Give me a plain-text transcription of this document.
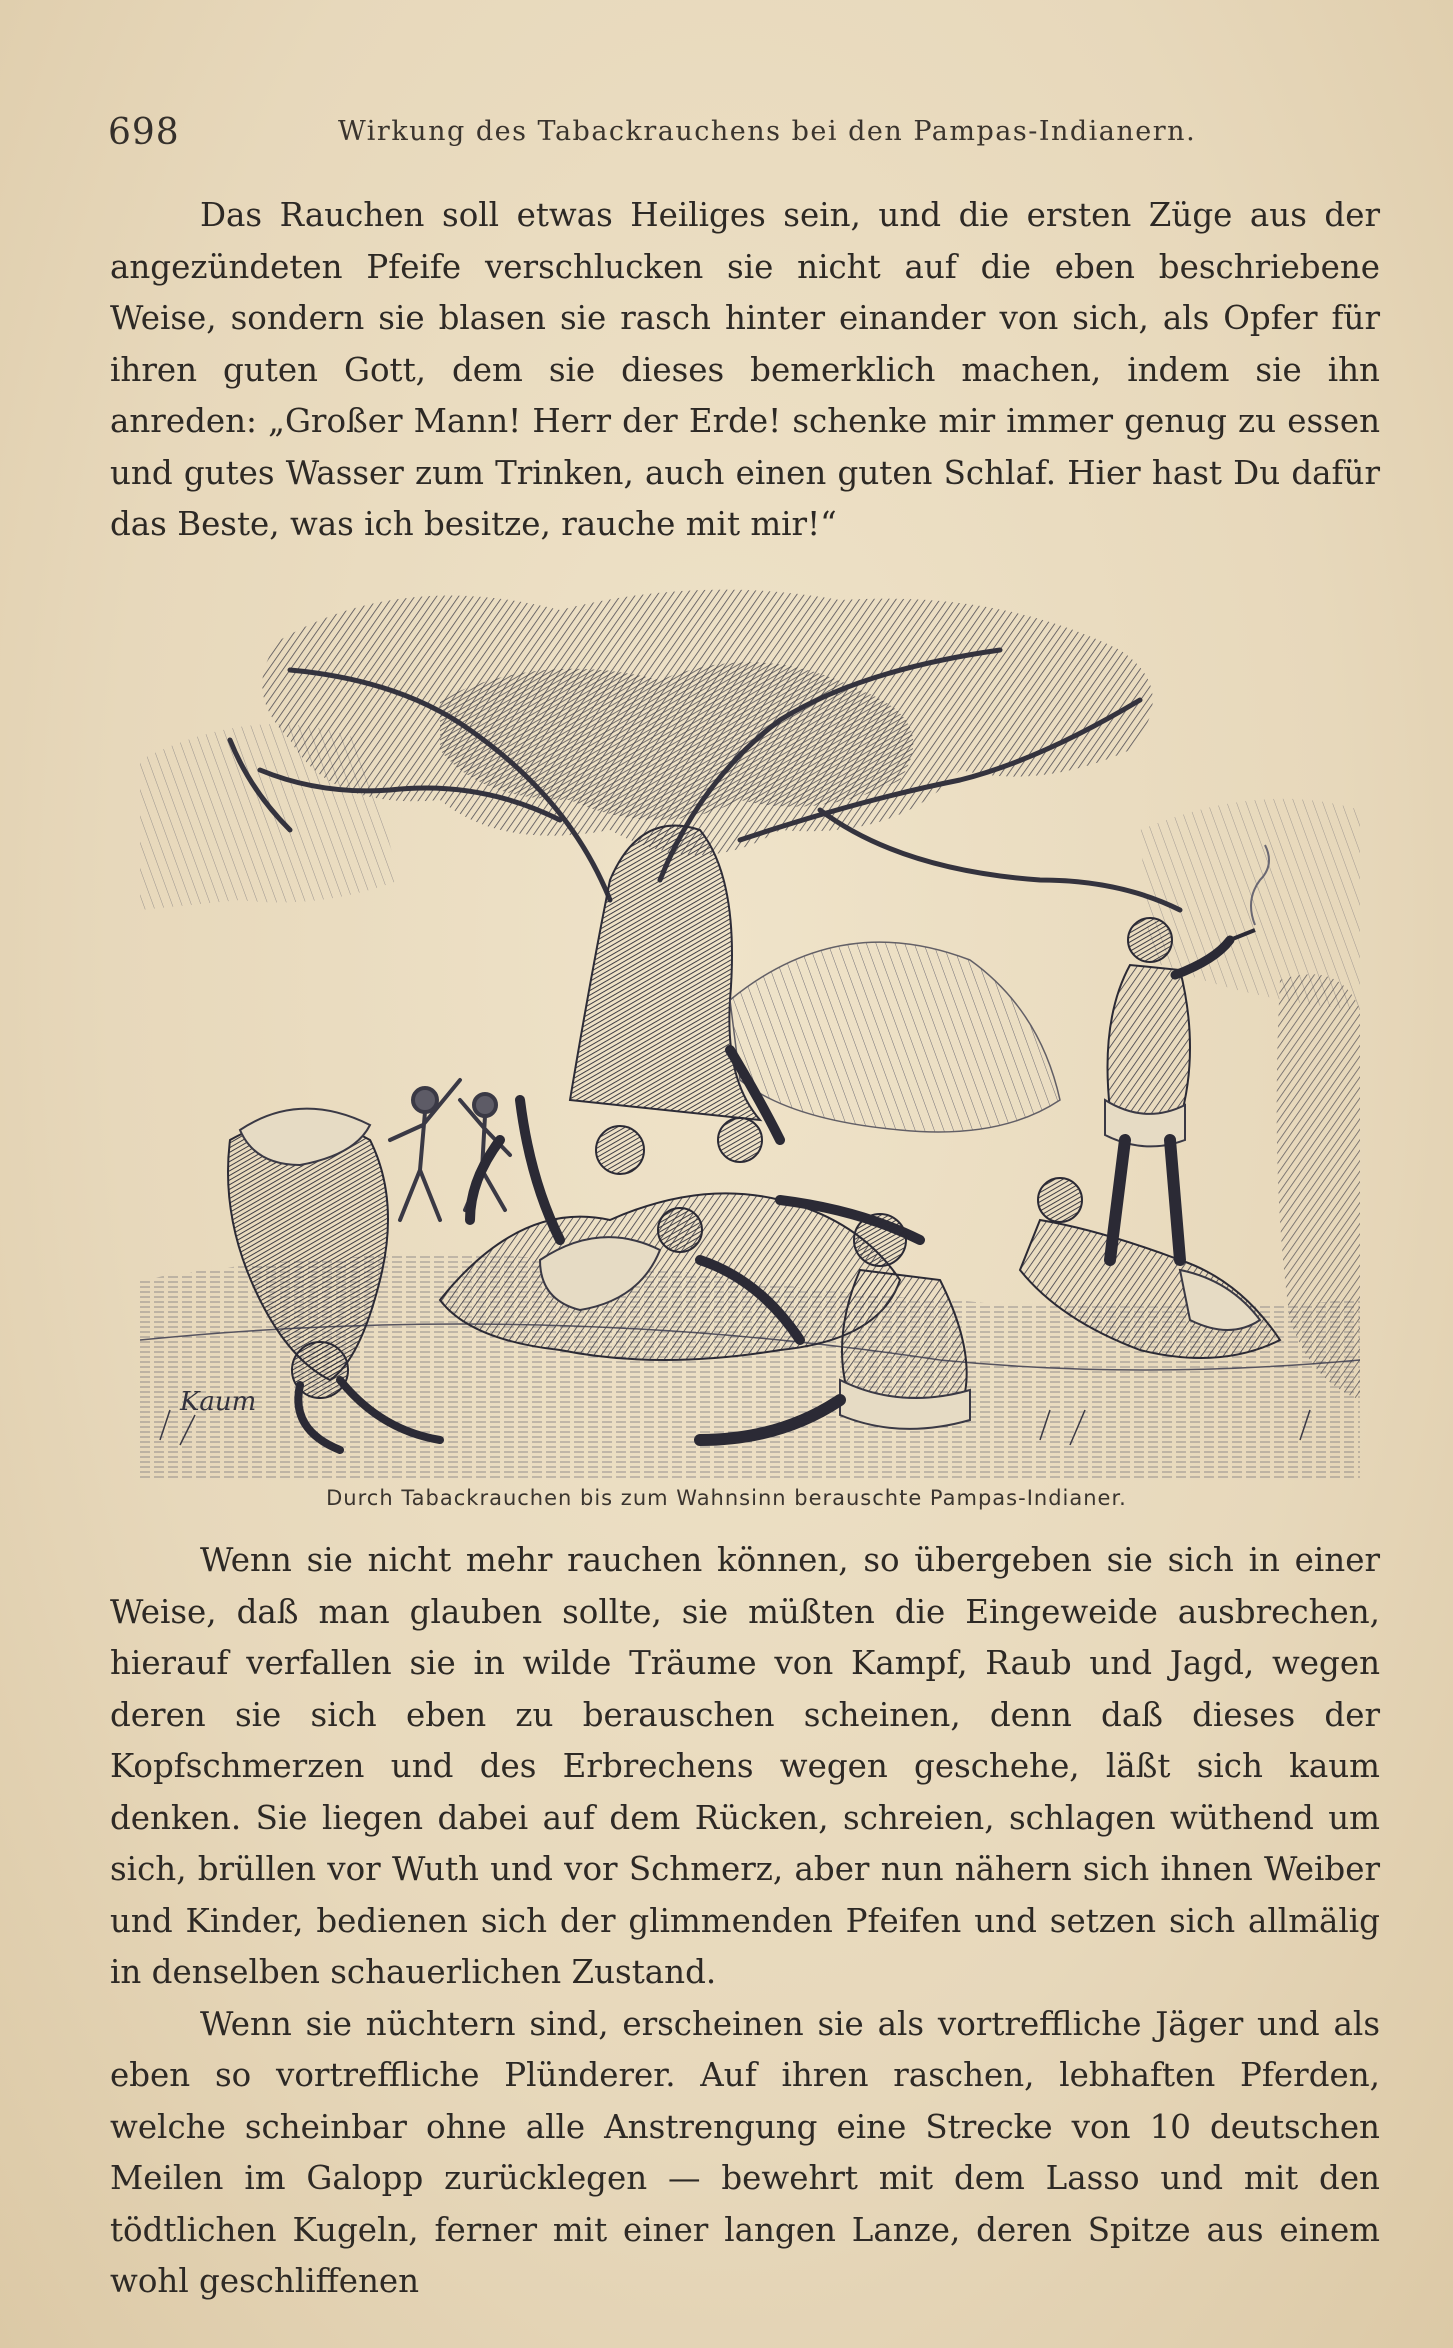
698	Wirkung des Tabackrauchens bei den Pampas-Indianern.

Das Rauchen soll etwas Heiliges sein, und die ersten Züge aus der angezündeten Pfeife verschlucken sie nicht auf die eben beschriebene Weise, sondern sie blasen sie rasch hinter einander von sich, als Opfer für ihren guten Gott, dem sie dieses bemerklich machen, indem sie ihn anreden: „Großer Mann! Herr der Erde! schenke mir immer genug zu essen und gutes Wasser zum Trinken, auch einen guten Schlaf. Hier hast Du dafür das Beste, was ich besitze, rauche mit mir!“

Kaum
Durch Tabackrauchen bis zum Wahnsinn berauschte Pampas-Indianer.

Wenn sie nicht mehr rauchen können, so übergeben sie sich in einer Weise, daß man glauben sollte, sie müßten die Eingeweide ausbrechen, hierauf verfallen sie in wilde Träume von Kampf, Raub und Jagd, wegen deren sie sich eben zu berauschen scheinen, denn daß dieses der Kopfschmerzen und des Erbrechens wegen geschehe, läßt sich kaum denken. Sie liegen dabei auf dem Rücken, schreien, schlagen wüthend um sich, brüllen vor Wuth und vor Schmerz, aber nun nähern sich ihnen Weiber und Kinder, bedienen sich der glimmenden Pfeifen und setzen sich allmälig in denselben schauerlichen Zustand.

Wenn sie nüchtern sind, erscheinen sie als vortreffliche Jäger und als eben so vortreffliche Plünderer. Auf ihren raschen, lebhaften Pferden, welche scheinbar ohne alle Anstrengung eine Strecke von 10 deutschen Meilen im Galopp zurücklegen — bewehrt mit dem Lasso und mit den tödtlichen Kugeln, ferner mit einer langen Lanze, deren Spitze aus einem wohl geschliffenen
